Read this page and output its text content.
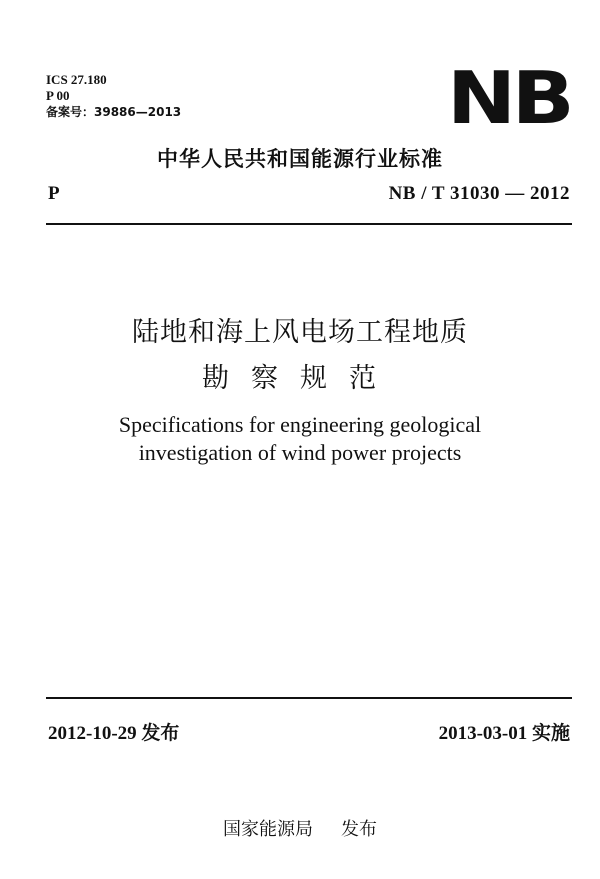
ICS 27.180
P 00
备案号：39886—2013	NB
中华人民共和国能源行业标准
P	NB / T 31030 — 2012
陆地和海上风电场工程地质
勘察规范
Specifications for engineering geological
investigation of wind power projects
2012-10-29 发布	2013-03-01 实施
国家能源局 发布
